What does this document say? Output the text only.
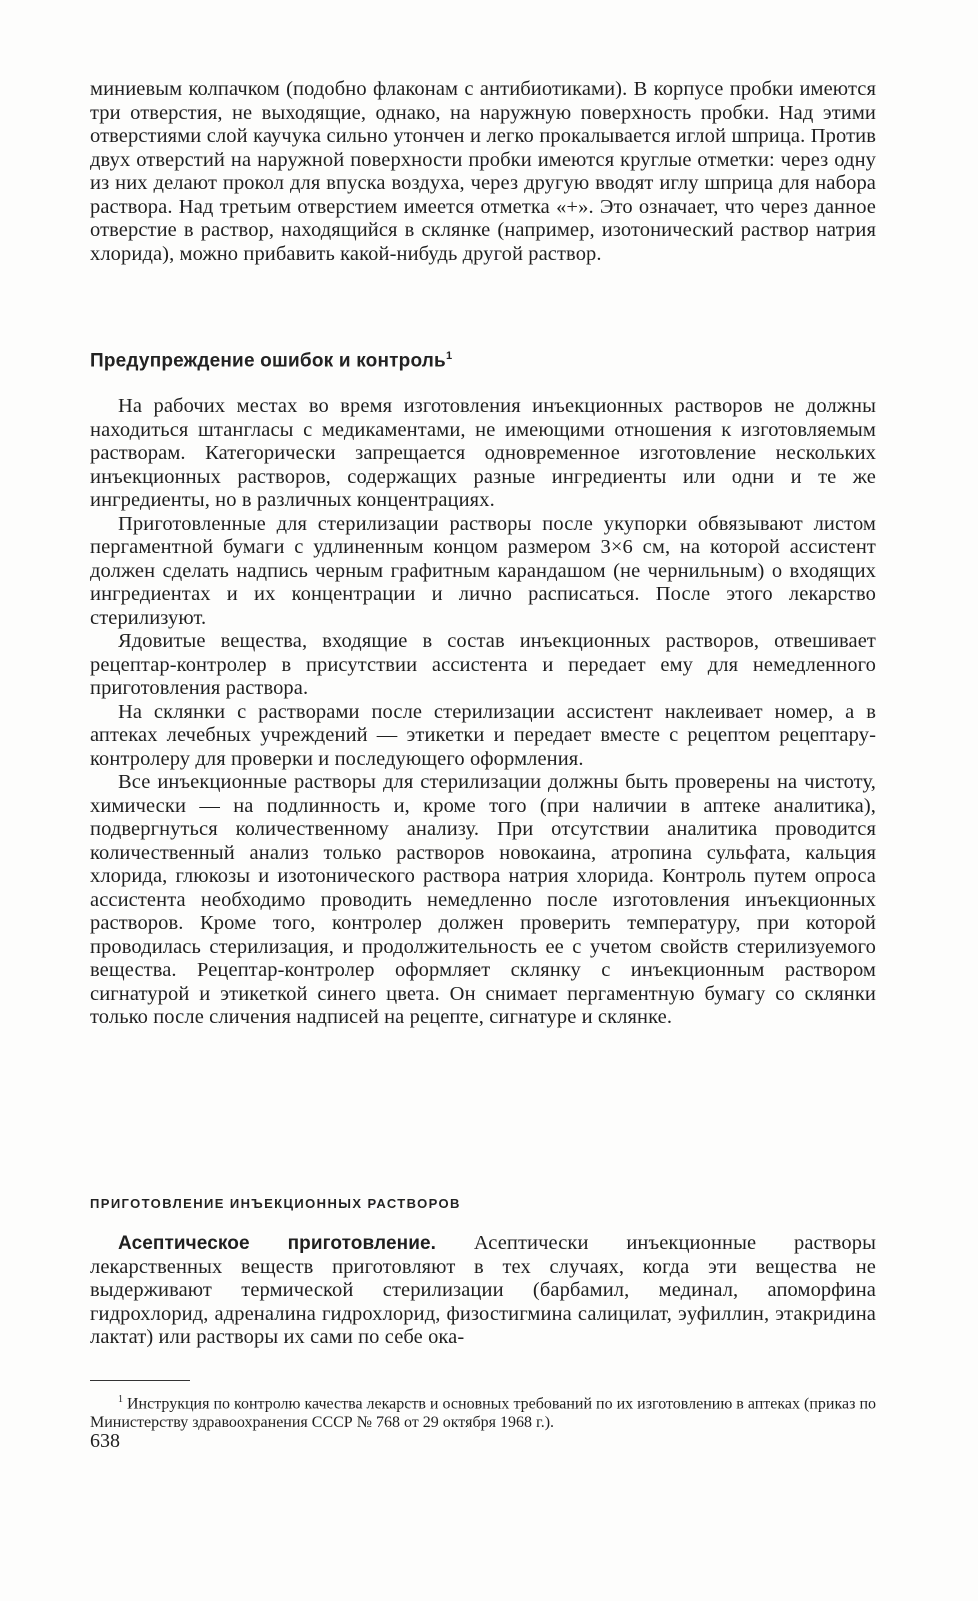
миниевым колпачком (подобно флаконам с антибиотиками). В корпусе пробки имеются три отверстия, не выходящие, однако, на наружную поверхность пробки. Над этими отверстиями слой каучука сильно утончен и легко прокалывается иглой шприца. Против двух отверстий на наружной поверхности пробки имеются круглые отметки: через одну из них делают прокол для впуска воздуха, через другую вводят иглу шприца для набора раствора. Над третьим отверстием имеется отметка «+». Это означает, что через данное отверстие в раствор, находящийся в склянке (например, изотонический раствор натрия хлорида), можно прибавить какой-нибудь другой раствор.

Предупреждение ошибок и контроль$^1$

На рабочих местах во время изготовления инъекционных растворов не должны находиться штангласы с медикаментами, не имеющими отношения к изготовляемым растворам. Категорически запрещается одновременное изготовление нескольких инъекционных растворов, содержащих разные ингредиенты или одни и те же ингредиенты, но в различных концентрациях.

Приготовленные для стерилизации растворы после укупорки обвязывают листом пергаментной бумаги с удлиненным концом размером 3×6 см, на которой ассистент должен сделать надпись черным графитным карандашом (не чернильным) о входящих ингредиентах и их концентрации и лично расписаться. После этого лекарство стерилизуют.

Ядовитые вещества, входящие в состав инъекционных растворов, отвешивает рецептар-контролер в присутствии ассистента и передает ему для немедленного приготовления раствора.

На склянки с растворами после стерилизации ассистент наклеивает номер, а в аптеках лечебных учреждений — этикетки и передает вместе с рецептом рецептару-контролеру для проверки и последующего оформления.

Все инъекционные растворы для стерилизации должны быть проверены на чистоту, химически — на подлинность и, кроме того (при наличии в аптеке аналитика), подвергнуться количественному анализу. При отсутствии аналитика проводится количественный анализ только растворов новокаина, атропина сульфата, кальция хлорида, глюкозы и изотонического раствора натрия хлорида. Контроль путем опроса ассистента необходимо проводить немедленно после изготовления инъекционных растворов. Кроме того, контролер должен проверить температуру, при которой проводилась стерилизация, и продолжительность ее с учетом свойств стерилизуемого вещества. Рецептар-контролер оформляет склянку с инъекционным раствором сигнатурой и этикеткой синего цвета. Он снимает пергаментную бумагу со склянки только после сличения надписей на рецепте, сигнатуре и склянке.

ПРИГОТОВЛЕНИЕ ИНЪЕКЦИОННЫХ РАСТВОРОВ

Асептическое приготовление. Асептически инъекционные растворы лекарственных веществ приготовляют в тех случаях, когда эти вещества не выдерживают термической стерилизации (барбамил, мединал, апоморфина гидрохлорид, адреналина гидрохлорид, физостигмина салицилат, эуфиллин, этакридина лактат) или растворы их сами по себе ока-

$^1$ Инструкция по контролю качества лекарств и основных требований по их изготовлению в аптеках (приказ по Министерству здравоохранения СССР № 768 от 29 октября 1968 г.).

638
